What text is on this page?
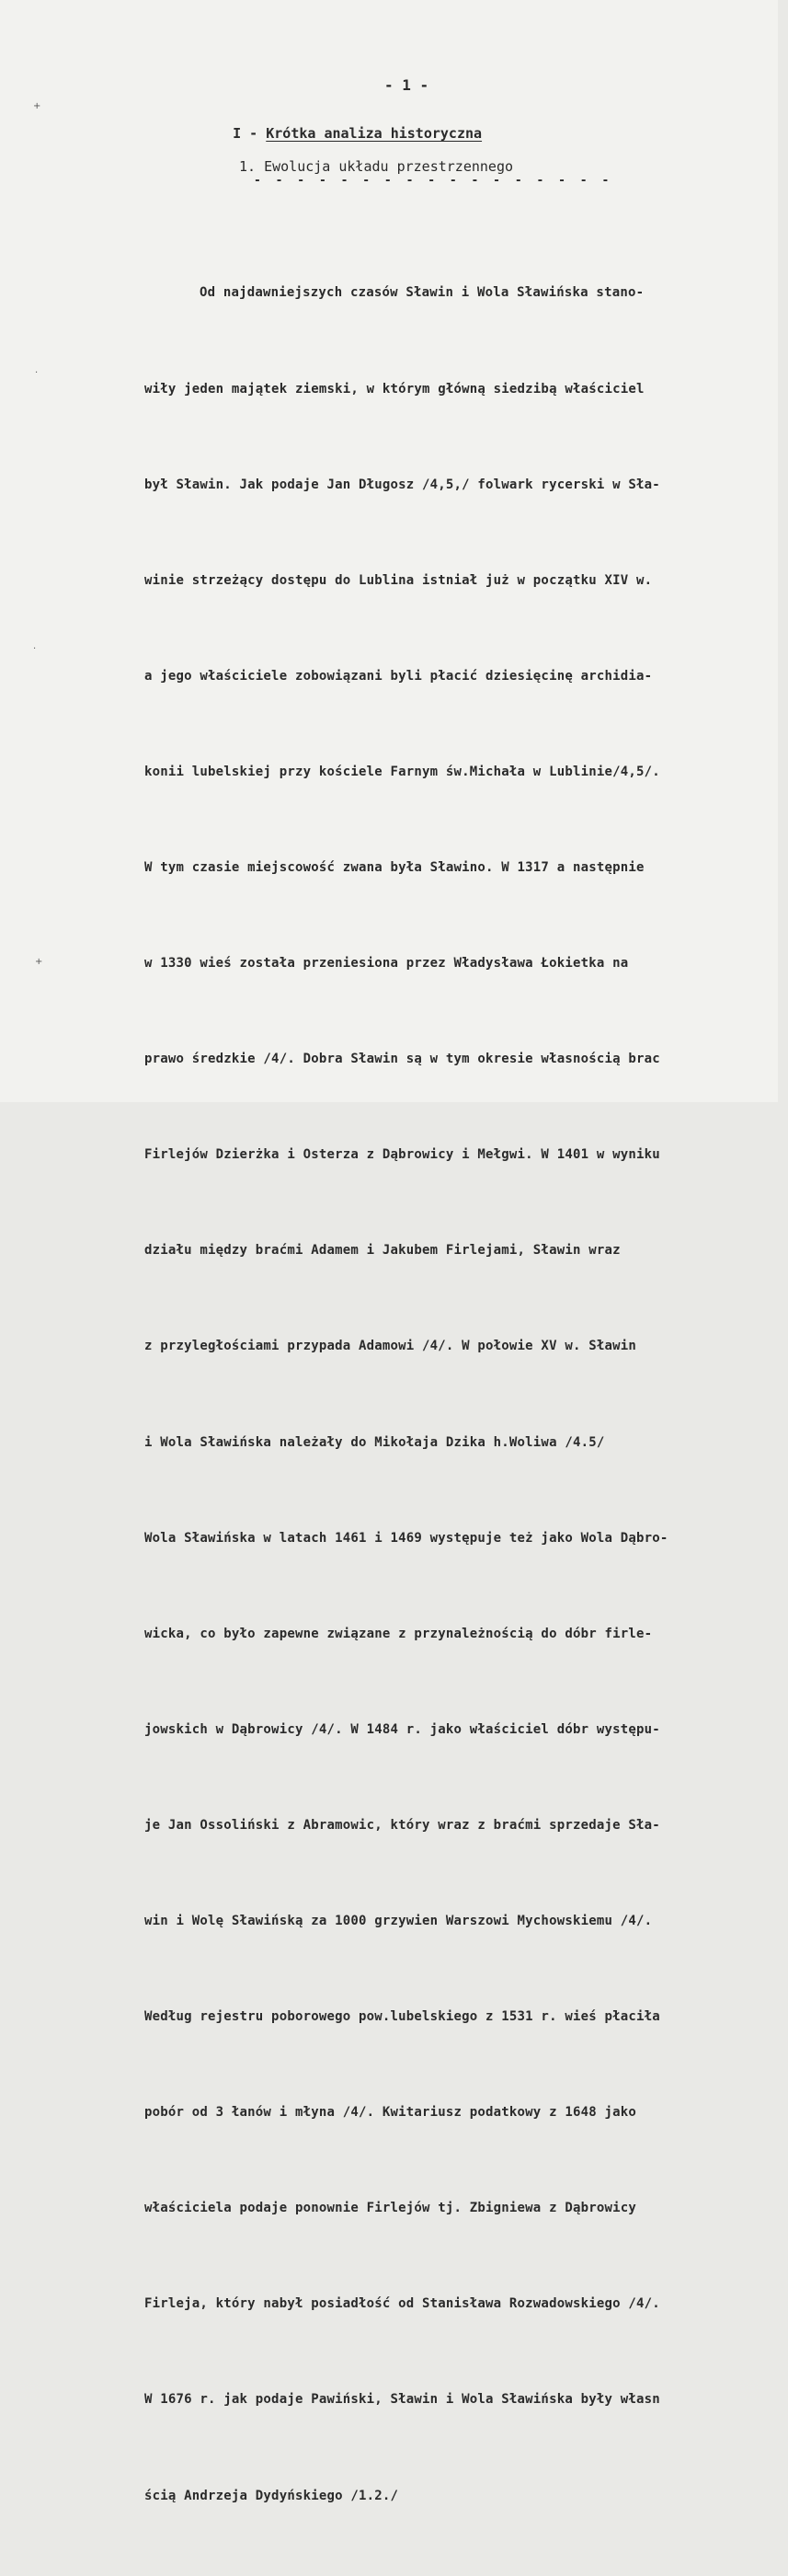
+
·
·
+
- 1 -

I - Krótka analiza historyczna

1. Ewolucja układu przestrzennego
- - - - - - - - - - - - - - - - -

Od najdawniejszych czasów Sławin i Wola Sławińska stano-

wiły jeden majątek ziemski, w którym główną siedzibą właściciel

był Sławin. Jak podaje Jan Długosz /4,5,/ folwark rycerski w Sła-

winie strzeżący dostępu do Lublina istniał już w początku XIV w.

a jego właściciele zobowiązani byli płacić dziesięcinę archidia-

konii lubelskiej przy kościele Farnym św.Michała w Lublinie/4,5/.

W tym czasie miejscowość zwana była Sławino. W 1317 a następnie

w 1330 wieś została przeniesiona przez Władysława Łokietka na

prawo średzkie /4/. Dobra Sławin są w tym okresie własnością brac

Firlejów Dzierżka i Osterza z Dąbrowicy i Mełgwi. W 1401 w wyniku

działu między braćmi Adamem i Jakubem Firlejami, Sławin wraz

z przyległościami przypada Adamowi /4/. W połowie XV w. Sławin

i Wola Sławińska należały do Mikołaja Dzika h.Woliwa /4.5/

Wola Sławińska w latach 1461 i 1469 występuje też jako Wola Dąbro-

wicka, co było zapewne związane z przynależnością do dóbr firle-

jowskich w Dąbrowicy /4/. W 1484 r. jako właściciel dóbr występu-

je Jan Ossoliński z Abramowic, który wraz z braćmi sprzedaje Sła-

win i Wolę Sławińską za 1000 grzywien Warszowi Mychowskiemu /4/.

Według rejestru poborowego pow.lubelskiego z 1531 r. wieś płaciła

pobór od 3 łanów i młyna /4/. Kwitariusz podatkowy z 1648 jako

właściciela podaje ponownie Firlejów tj. Zbigniewa z Dąbrowicy

Firleja, który nabył posiadłość od Stanisława Rozwadowskiego /4/.

W 1676 r. jak podaje Pawiński, Sławin i Wola Sławińska były własn

ścią Andrzeja Dydyńskiego /1.2./
